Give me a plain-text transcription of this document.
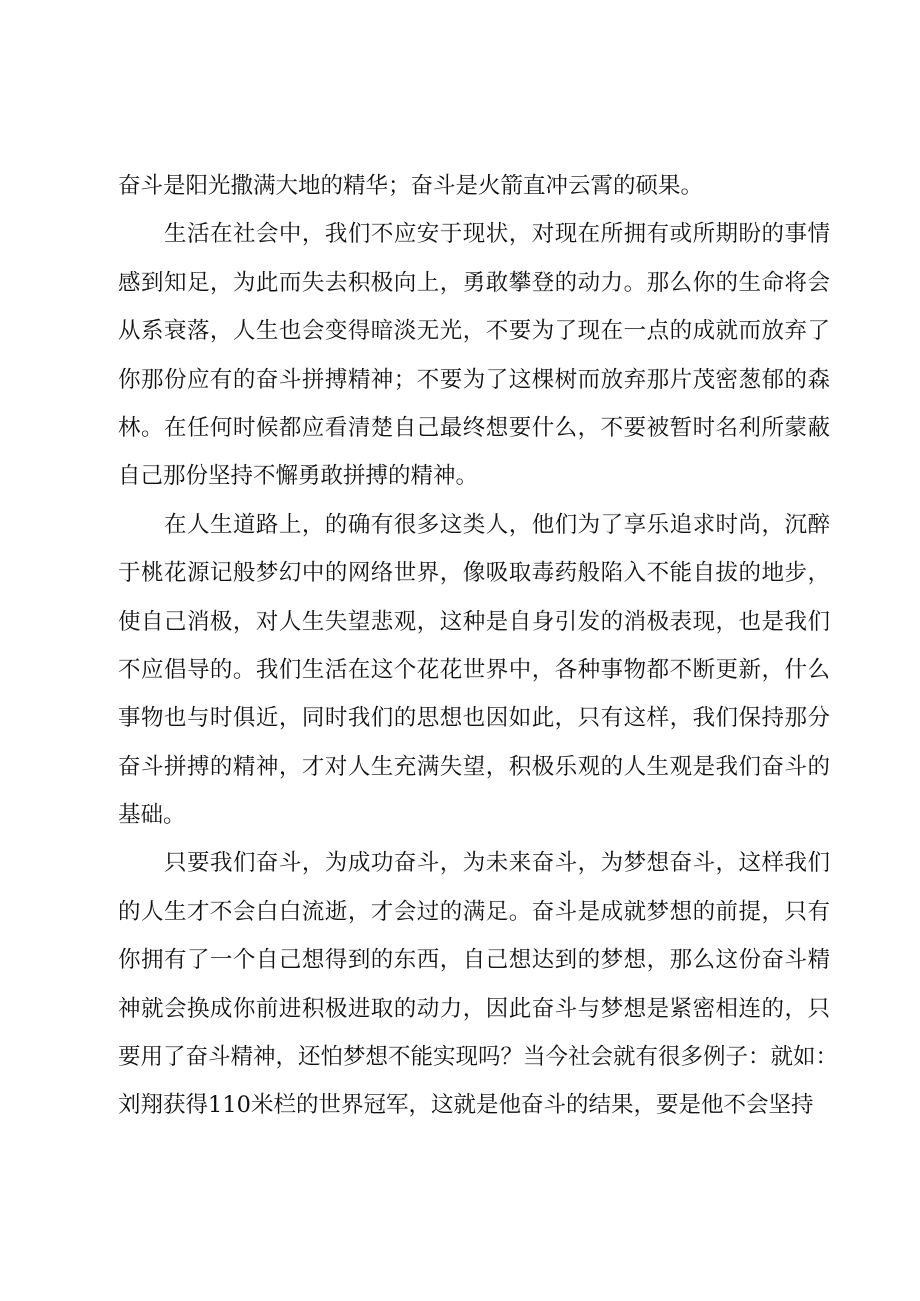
奋斗是阳光撒满大地的精华；奋斗是火箭直冲云霄的硕果。
生活在社会中，我们不应安于现状，对现在所拥有或所期盼的事情
感到知足，为此而失去积极向上，勇敢攀登的动力。那么你的生命将会
从系衰落，人生也会变得暗淡无光，不要为了现在一点的成就而放弃了
你那份应有的奋斗拼搏精神；不要为了这棵树而放弃那片茂密葱郁的森
林。在任何时候都应看清楚自己最终想要什么，不要被暂时名利所蒙蔽
自己那份坚持不懈勇敢拼搏的精神。
在人生道路上，的确有很多这类人，他们为了享乐追求时尚，沉醉
于桃花源记般梦幻中的网络世界，像吸取毒药般陷入不能自拔的地步，
使自己消极，对人生失望悲观，这种是自身引发的消极表现，也是我们
不应倡导的。我们生活在这个花花世界中，各种事物都不断更新，什么
事物也与时俱近，同时我们的思想也因如此，只有这样，我们保持那分
奋斗拼搏的精神，才对人生充满失望，积极乐观的人生观是我们奋斗的
基础。
只要我们奋斗，为成功奋斗，为未来奋斗，为梦想奋斗，这样我们
的人生才不会白白流逝，才会过的满足。奋斗是成就梦想的前提，只有
你拥有了一个自己想得到的东西，自己想达到的梦想，那么这份奋斗精
神就会换成你前进积极进取的动力，因此奋斗与梦想是紧密相连的，只
要用了奋斗精神，还怕梦想不能实现吗？当今社会就有很多例子：就如：
刘翔获得110米栏的世界冠军，这就是他奋斗的结果，要是他不会坚持
